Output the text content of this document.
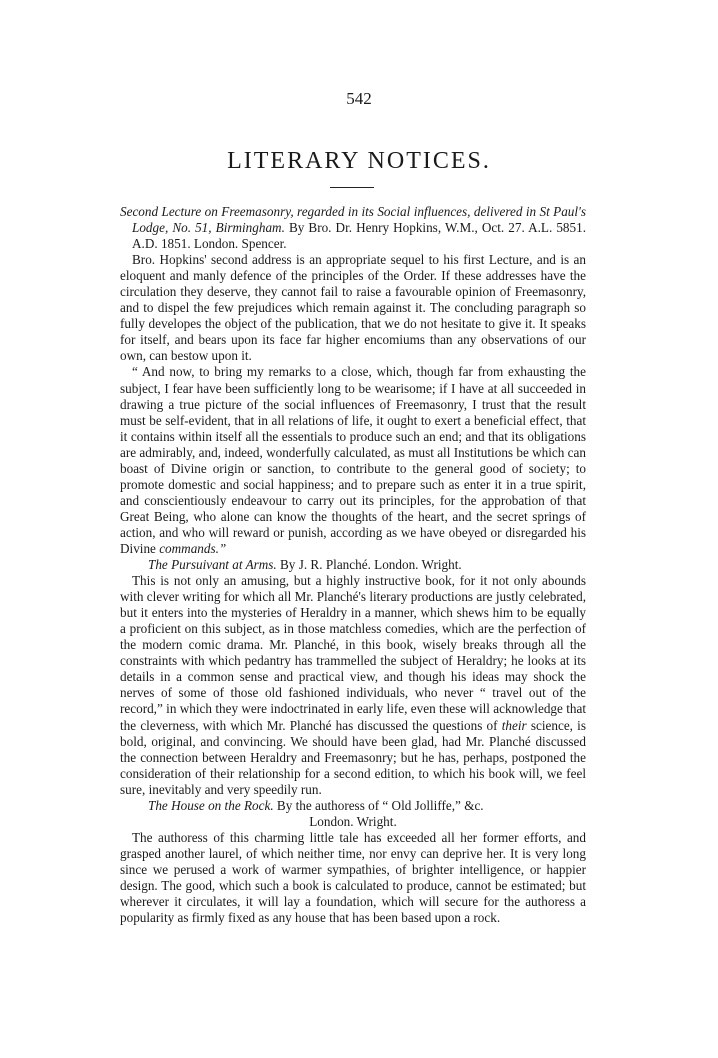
542
LITERARY NOTICES.

Second Lecture on Freemasonry, regarded in its Social influences, delivered in St Paul's Lodge, No. 51, Birmingham. By Bro. Dr. Henry Hopkins, W.M., Oct. 27. A.L. 5851. A.D. 1851. London. Spencer.

Bro. Hopkins' second address is an appropriate sequel to his first Lecture, and is an eloquent and manly defence of the principles of the Order. If these addresses have the circulation they deserve, they cannot fail to raise a favourable opinion of Freemasonry, and to dispel the few prejudices which remain against it. The concluding paragraph so fully developes the object of the publication, that we do not hesitate to give it. It speaks for itself, and bears upon its face far higher encomiums than any observations of our own, can bestow upon it.

“ And now, to bring my remarks to a close, which, though far from exhausting the subject, I fear have been sufficiently long to be wearisome; if I have at all succeeded in drawing a true picture of the social influences of Freemasonry, I trust that the result must be self-evident, that in all relations of life, it ought to exert a beneficial effect, that it contains within itself all the essentials to produce such an end; and that its obligations are admirably, and, indeed, wonderfully calculated, as must all Institutions be which can boast of Divine origin or sanction, to contribute to the general good of society; to promote domestic and social happiness; and to prepare such as enter it in a true spirit, and conscientiously endeavour to carry out its principles, for the approbation of that Great Being, who alone can know the thoughts of the heart, and the secret springs of action, and who will reward or punish, according as we have obeyed or disregarded his Divine commands.”

The Pursuivant at Arms. By J. R. Planché. London. Wright.

This is not only an amusing, but a highly instructive book, for it not only abounds with clever writing for which all Mr. Planché's literary productions are justly celebrated, but it enters into the mysteries of Heraldry in a manner, which shews him to be equally a proficient on this subject, as in those matchless comedies, which are the perfection of the modern comic drama. Mr. Planché, in this book, wisely breaks through all the constraints with which pedantry has trammelled the subject of Heraldry; he looks at its details in a common sense and practical view, and though his ideas may shock the nerves of some of those old fashioned individuals, who never “ travel out of the record,” in which they were indoctrinated in early life, even these will acknowledge that the cleverness, with which Mr. Planché has discussed the questions of their science, is bold, original, and convincing. We should have been glad, had Mr. Planché discussed the connection between Heraldry and Freemasonry; but he has, perhaps, postponed the consideration of their relationship for a second edition, to which his book will, we feel sure, inevitably and very speedily run.

The House on the Rock. By the authoress of “ Old Jolliffe,” &c.

London. Wright.

The authoress of this charming little tale has exceeded all her former efforts, and grasped another laurel, of which neither time, nor envy can deprive her. It is very long since we perused a work of warmer sympathies, of brighter intelligence, or happier design. The good, which such a book is calculated to produce, cannot be estimated; but wherever it circulates, it will lay a foundation, which will secure for the authoress a popularity as firmly fixed as any house that has been based upon a rock.
